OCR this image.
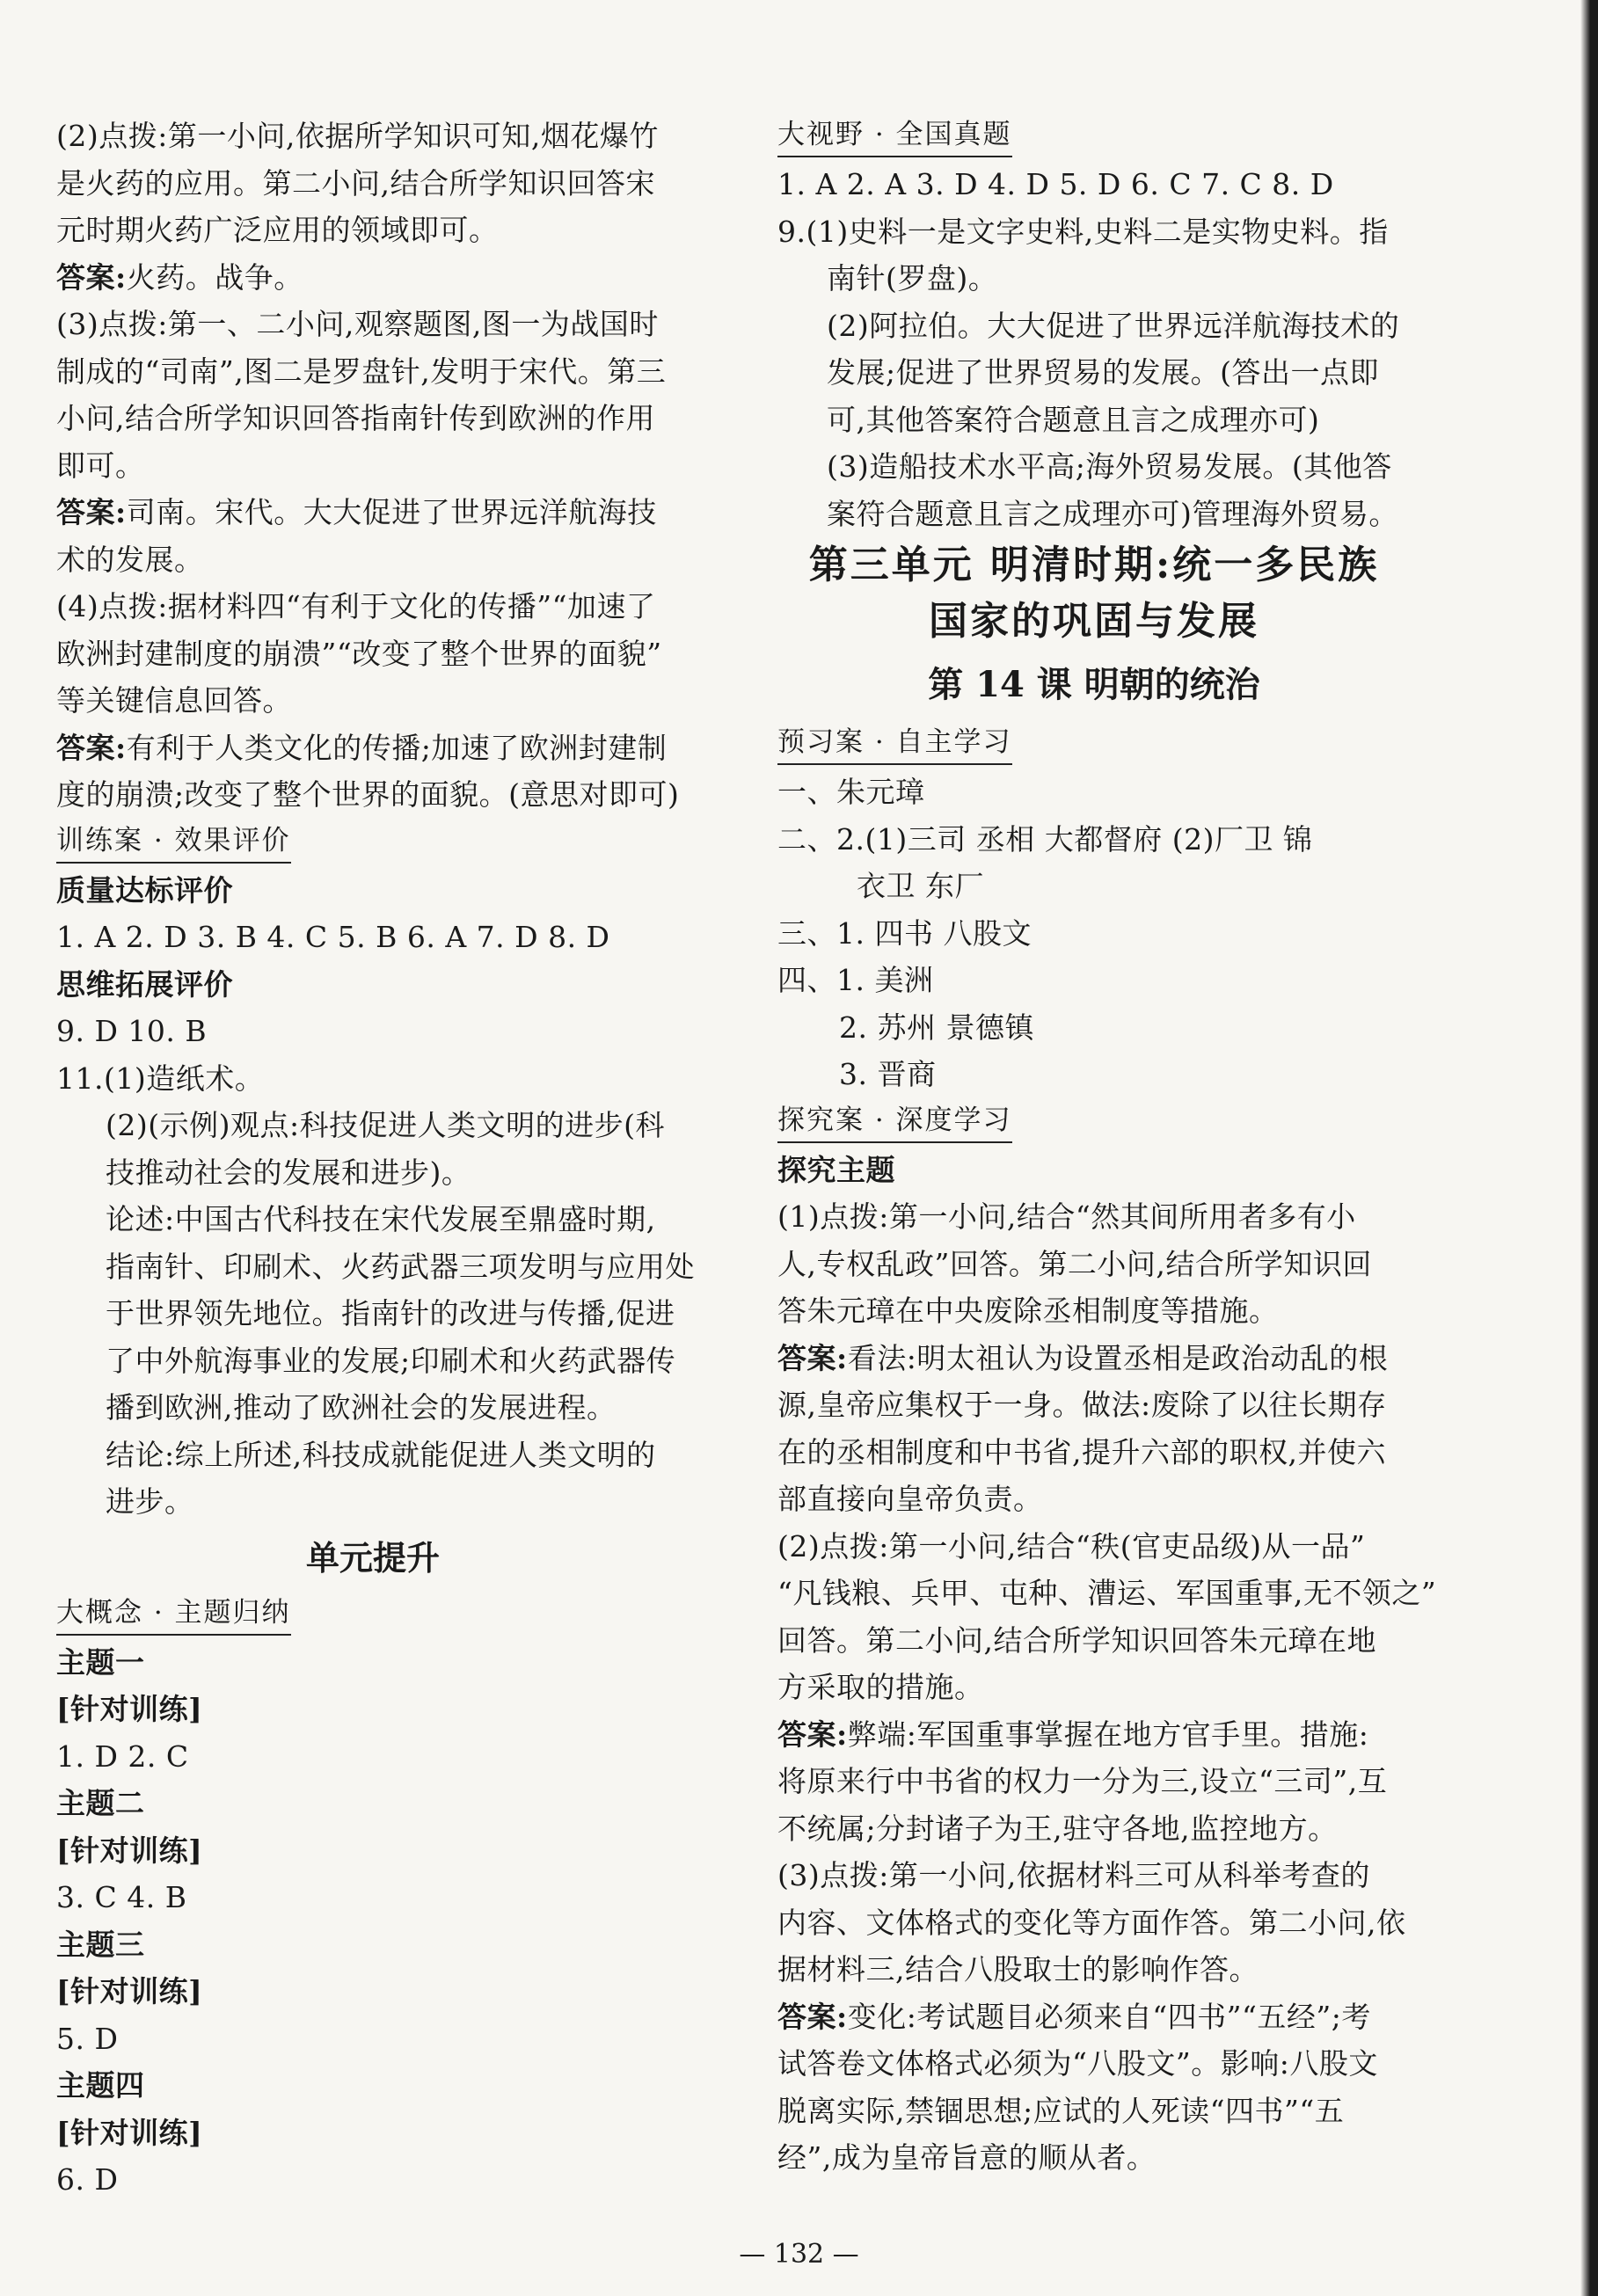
(2)点拨:第一小问,依据所学知识可知,烟花爆竹
是火药的应用。第二小问,结合所学知识回答宋
元时期火药广泛应用的领域即可。
答案:火药。战争。
(3)点拨:第一、二小问,观察题图,图一为战国时
制成的“司南”,图二是罗盘针,发明于宋代。第三
小问,结合所学知识回答指南针传到欧洲的作用
即可。
答案:司南。宋代。大大促进了世界远洋航海技
术的发展。
(4)点拨:据材料四“有利于文化的传播”“加速了
欧洲封建制度的崩溃”“改变了整个世界的面貌”
等关键信息回答。
答案:有利于人类文化的传播;加速了欧洲封建制
度的崩溃;改变了整个世界的面貌。(意思对即可)
训练案 · 效果评价
质量达标评价
1. A 2. D 3. B 4. C 5. B 6. A 7. D 8. D
思维拓展评价
9. D 10. B
11.(1)造纸术。
(2)(示例)观点:科技促进人类文明的进步(科
技推动社会的发展和进步)。
论述:中国古代科技在宋代发展至鼎盛时期,
指南针、印刷术、火药武器三项发明与应用处
于世界领先地位。指南针的改进与传播,促进
了中外航海事业的发展;印刷术和火药武器传
播到欧洲,推动了欧洲社会的发展进程。
结论:综上所述,科技成就能促进人类文明的
进步。
单元提升
大概念 · 主题归纳
主题一
[针对训练]
1. D 2. C
主题二
[针对训练]
3. C 4. B
主题三
[针对训练]
5. D
主题四
[针对训练]
6. D
大视野 · 全国真题
1. A 2. A 3. D 4. D 5. D 6. C 7. C 8. D
9.(1)史料一是文字史料,史料二是实物史料。指
南针(罗盘)。
(2)阿拉伯。大大促进了世界远洋航海技术的
发展;促进了世界贸易的发展。(答出一点即
可,其他答案符合题意且言之成理亦可)
(3)造船技术水平高;海外贸易发展。(其他答
案符合题意且言之成理亦可)管理海外贸易。
第三单元 明清时期:统一多民族
国家的巩固与发展
第 14 课 明朝的统治
预习案 · 自主学习
一、朱元璋
二、2.(1)三司 丞相 大都督府 (2)厂卫 锦
衣卫 东厂
三、1. 四书 八股文
四、1. 美洲
2. 苏州 景德镇
3. 晋商
探究案 · 深度学习
探究主题
(1)点拨:第一小问,结合“然其间所用者多有小
人,专权乱政”回答。第二小问,结合所学知识回
答朱元璋在中央废除丞相制度等措施。
答案:看法:明太祖认为设置丞相是政治动乱的根
源,皇帝应集权于一身。做法:废除了以往长期存
在的丞相制度和中书省,提升六部的职权,并使六
部直接向皇帝负责。
(2)点拨:第一小问,结合“秩(官吏品级)从一品”
“凡钱粮、兵甲、屯种、漕运、军国重事,无不领之”
回答。第二小问,结合所学知识回答朱元璋在地
方采取的措施。
答案:弊端:军国重事掌握在地方官手里。措施:
将原来行中书省的权力一分为三,设立“三司”,互
不统属;分封诸子为王,驻守各地,监控地方。
(3)点拨:第一小问,依据材料三可从科举考查的
内容、文体格式的变化等方面作答。第二小问,依
据材料三,结合八股取士的影响作答。
答案:变化:考试题目必须来自“四书”“五经”;考
试答卷文体格式必须为“八股文”。影响:八股文
脱离实际,禁锢思想;应试的人死读“四书”“五
经”,成为皇帝旨意的顺从者。
— 132 —
